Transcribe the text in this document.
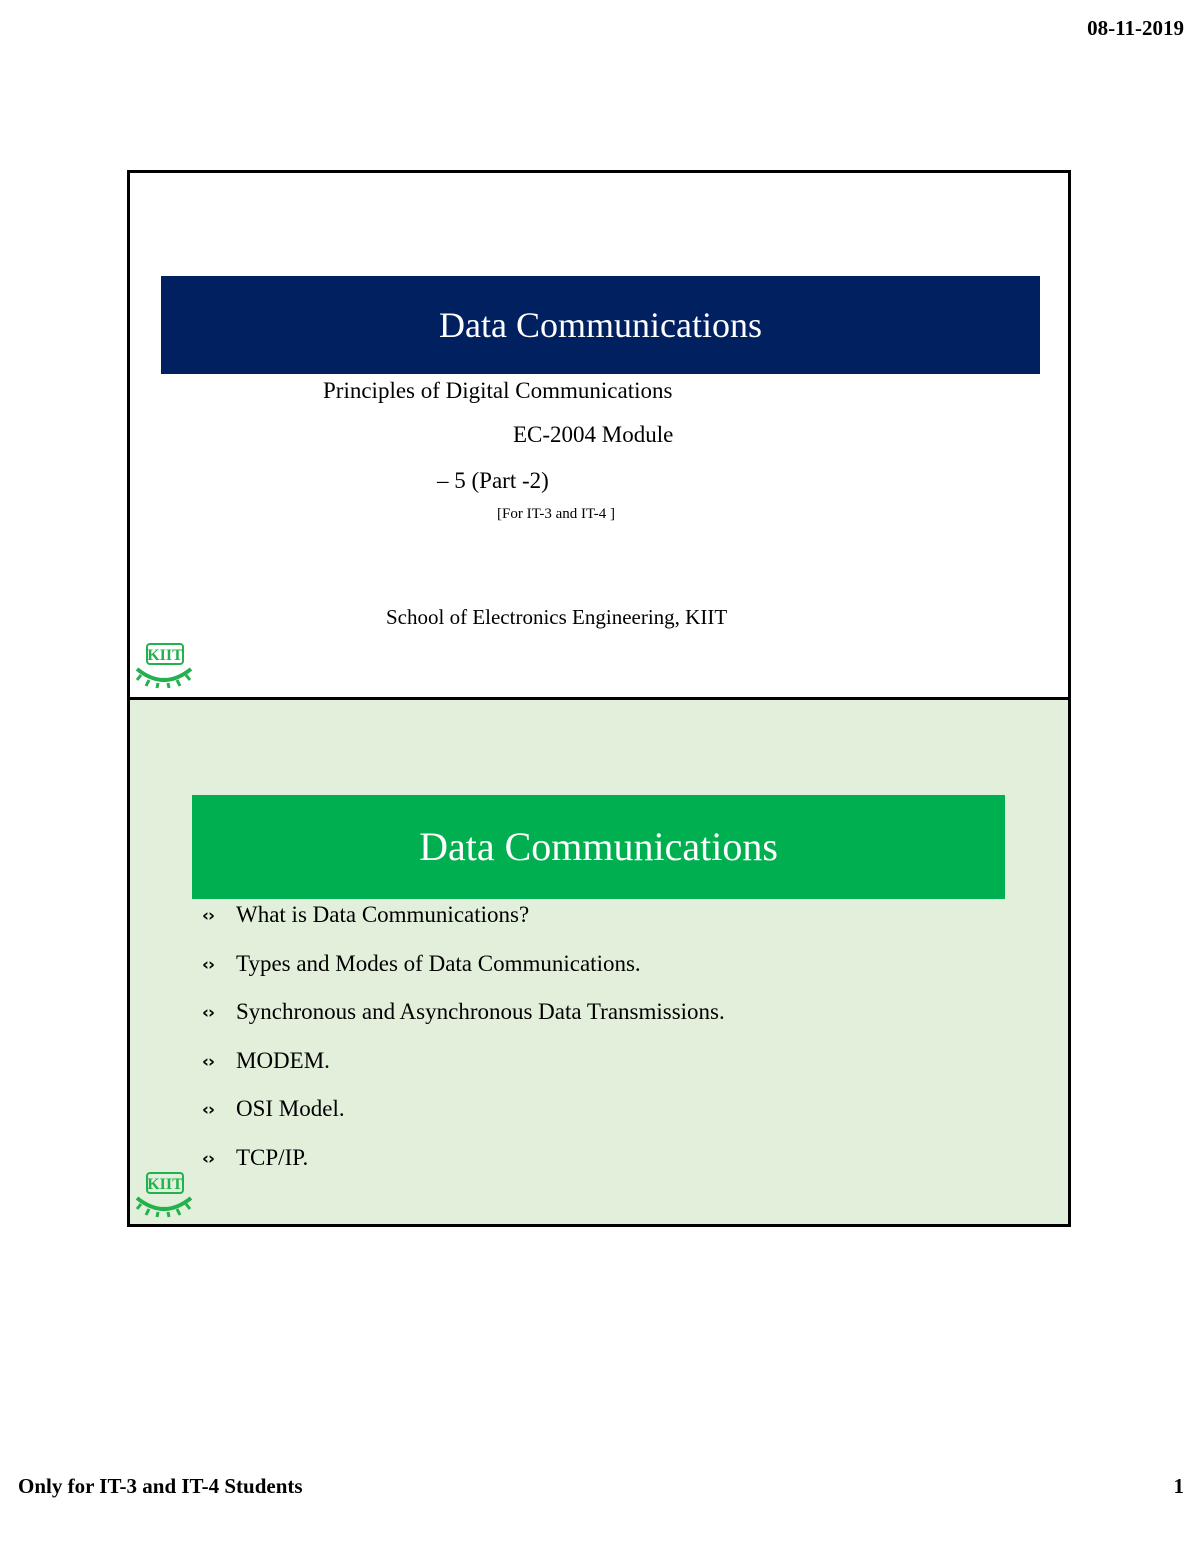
08-11-2019
Data Communications
Principles of Digital Communications
EC-2004 Module
– 5 (Part -2)
[For IT-3 and IT-4 ]
School of Electronics Engineering, KIIT
KIIT
Data Communications
‹› What is Data Communications?
‹› Types and Modes of Data Communications.
‹› Synchronous and Asynchronous Data Transmissions.
‹› MODEM.
‹› OSI Model.
‹› TCP/IP.
KIIT
Only for IT-3 and IT-4 Students	1
